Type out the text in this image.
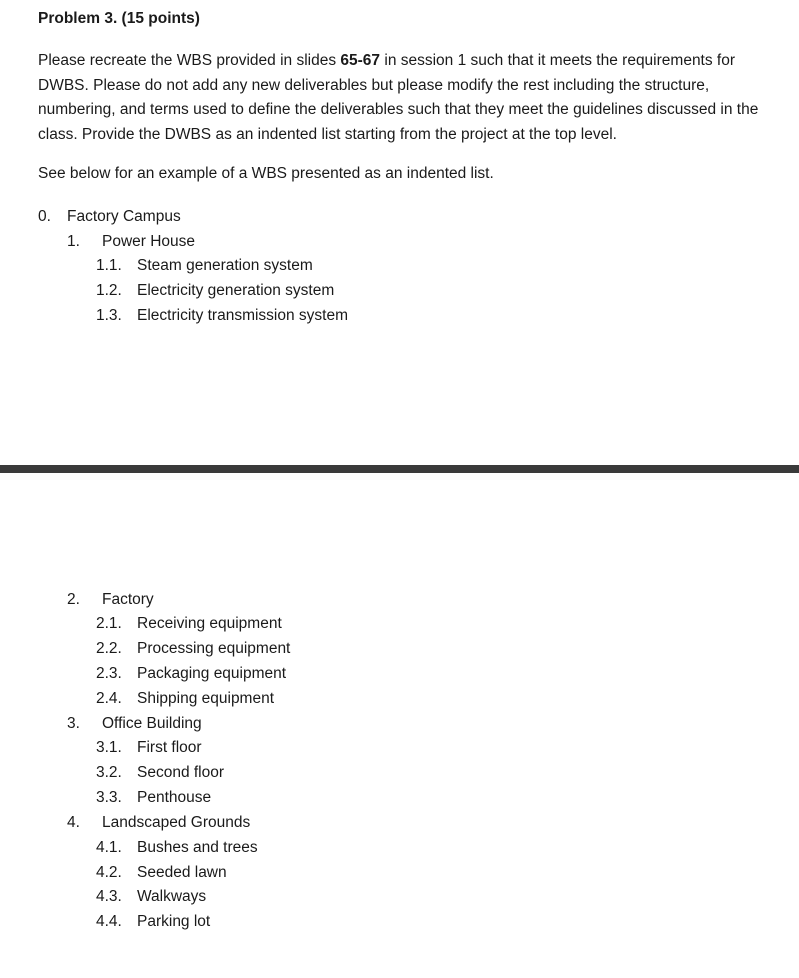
Problem 3. (15 points)
Please recreate the WBS provided in slides 65-67 in session 1 such that it meets the requirements for DWBS. Please do not add any new deliverables but please modify the rest including the structure, numbering, and terms used to define the deliverables such that they meet the guidelines discussed in the class. Provide the DWBS as an indented list starting from the project at the top level.
See below for an example of a WBS presented as an indented list.
0. Factory Campus
1. Power House
1.1. Steam generation system
1.2. Electricity generation system
1.3. Electricity transmission system
2. Factory
2.1. Receiving equipment
2.2. Processing equipment
2.3. Packaging equipment
2.4. Shipping equipment
3. Office Building
3.1. First floor
3.2. Second floor
3.3. Penthouse
4. Landscaped Grounds
4.1. Bushes and trees
4.2. Seeded lawn
4.3. Walkways
4.4. Parking lot
